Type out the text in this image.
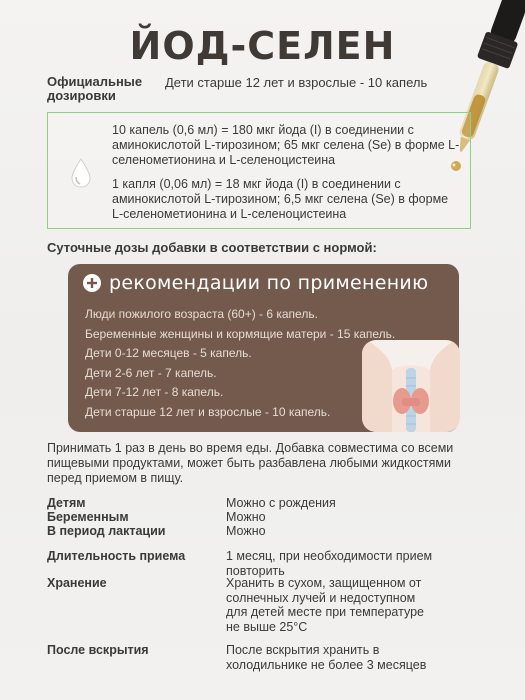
ЙОД-СЕЛЕН
Официальные дозировки
Дети старше 12 лет и взрослые - 10 капель
10 капель (0,6 мл) = 180 мкг йода (I) в соединении с аминокислотой L-тирозином; 65 мкг селена (Se) в форме L-селенометионина и L-селеноцистеина
1 капля (0,06 мл) = 18 мкг йода (I) в соединении с аминокислотой L-тирозином; 6,5 мкг селена (Se) в форме L-селенометионина и L-селеноцистеина
Суточные дозы добавки в соответствии с нормой:
рекомендации по применению
Люди пожилого возраста (60+) - 6 капель.
Беременные женщины и кормящие матери - 15 капель.
Дети 0-12 месяцев - 5 капель.
Дети 2-6 лет - 7 капель.
Дети 7-12 лет - 8 капель.
Дети старше 12 лет и взрослые - 10 капель.
Принимать 1 раз в день во время еды. Добавка совместима со всеми пищевыми продуктами, может быть разбавлена любыми жидкостями перед приемом в пищу.
Детям	Можно с рождения
Беременным	Можно
В период лактации	Можно
Длительность приема	1 месяц, при необходимости прием повторить
Хранение	Хранить в сухом, защищенном от солнечных лучей и недоступном для детей месте при температуре не выше 25°С
После вскрытия	После вскрытия хранить в холодильнике не более 3 месяцев
